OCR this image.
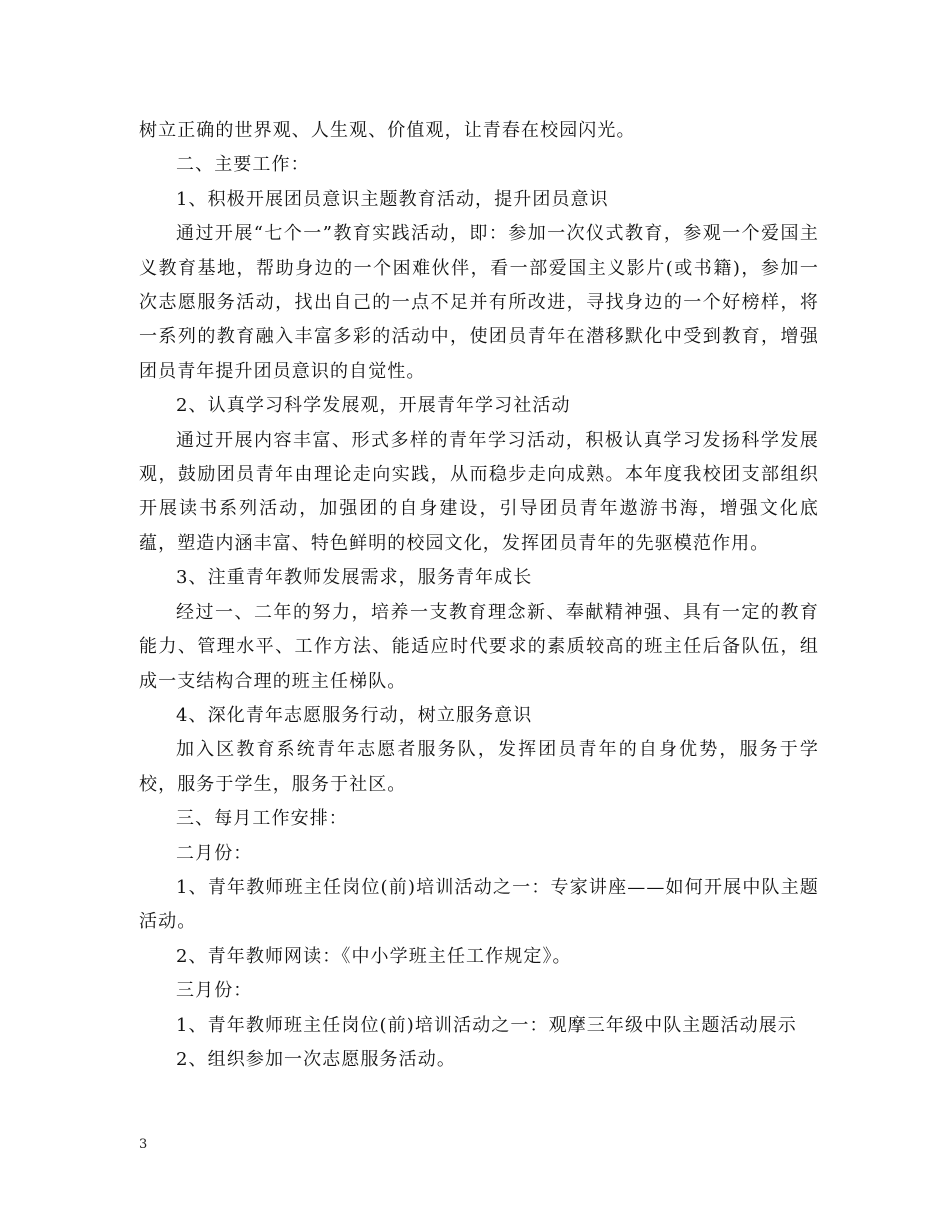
树立正确的世界观、人生观、价值观，让青春在校园闪光。

二、主要工作：

1、积极开展团员意识主题教育活动，提升团员意识

通过开展“七个一”教育实践活动，即：参加一次仪式教育，参观一个爱国主义教育基地，帮助身边的一个困难伙伴，看一部爱国主义影片(或书籍)，参加一次志愿服务活动，找出自己的一点不足并有所改进，寻找身边的一个好榜样，将一系列的教育融入丰富多彩的活动中，使团员青年在潜移默化中受到教育，增强团员青年提升团员意识的自觉性。

2、认真学习科学发展观，开展青年学习社活动

通过开展内容丰富、形式多样的青年学习活动，积极认真学习发扬科学发展观，鼓励团员青年由理论走向实践，从而稳步走向成熟。本年度我校团支部组织开展读书系列活动，加强团的自身建设，引导团员青年遨游书海，增强文化底蕴，塑造内涵丰富、特色鲜明的校园文化，发挥团员青年的先驱模范作用。

3、注重青年教师发展需求，服务青年成长

经过一、二年的努力，培养一支教育理念新、奉献精神强、具有一定的教育能力、管理水平、工作方法、能适应时代要求的素质较高的班主任后备队伍，组成一支结构合理的班主任梯队。

4、深化青年志愿服务行动，树立服务意识

加入区教育系统青年志愿者服务队，发挥团员青年的自身优势，服务于学校，服务于学生，服务于社区。

三、每月工作安排：

二月份：

1、青年教师班主任岗位(前)培训活动之一：专家讲座——如何开展中队主题活动。

2、青年教师网读：《中小学班主任工作规定》。

三月份：

1、青年教师班主任岗位(前)培训活动之一：观摩三年级中队主题活动展示

2、组织参加一次志愿服务活动。

3
